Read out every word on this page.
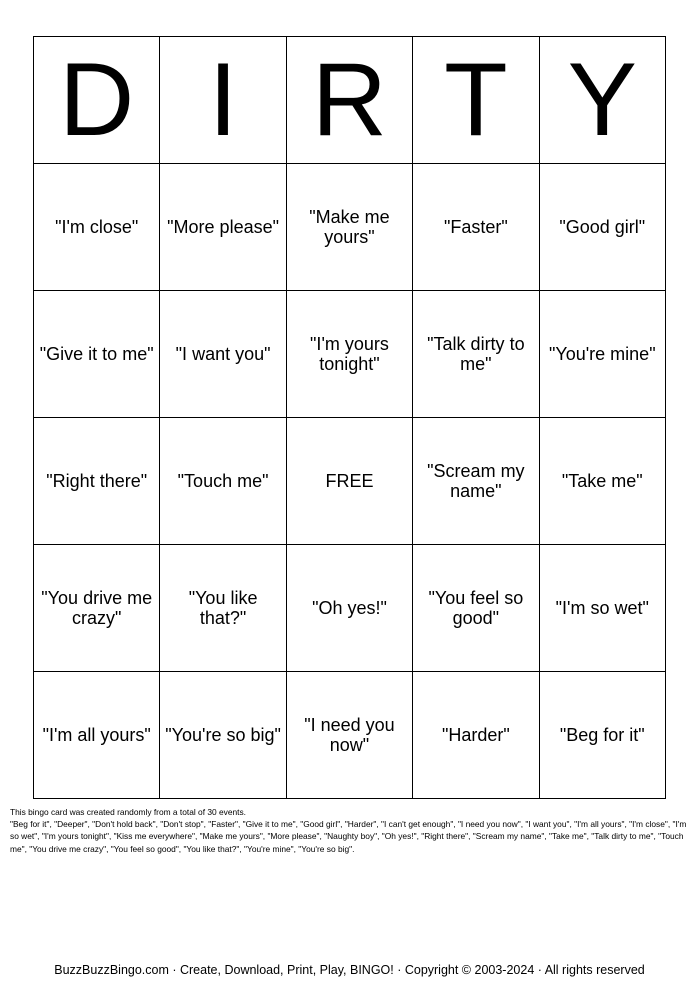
D	I	R	T	Y
"I'm close"	"More please"	"Make me yours"	"Faster"	"Good girl"
"Give it to me"	"I want you"	"I'm yours tonight"	"Talk dirty to me"	"You're mine"
"Right there"	"Touch me"	FREE	"Scream my name"	"Take me"
"You drive me crazy"	"You like that?"	"Oh yes!"	"You feel so good"	"I'm so wet"
"I'm all yours"	"You're so big"	"I need you now"	"Harder"	"Beg for it"
This bingo card was created randomly from a total of 30 events.
"Beg for it", "Deeper", "Don't hold back", "Don't stop", "Faster", "Give it to me", "Good girl", "Harder", "I can't get enough", "I need you now", "I want you", "I'm all yours", "I'm close", "I'm so wet", "I'm yours tonight", "Kiss me everywhere", "Make me yours", "More please", "Naughty boy", "Oh yes!", "Right there", "Scream my name", "Take me", "Talk dirty to me", "Touch me", "You drive me crazy", "You feel so good", "You like that?", "You're mine", "You're so big".
BuzzBuzzBingo.com · Create, Download, Print, Play, BINGO! · Copyright © 2003-2024 · All rights reserved
